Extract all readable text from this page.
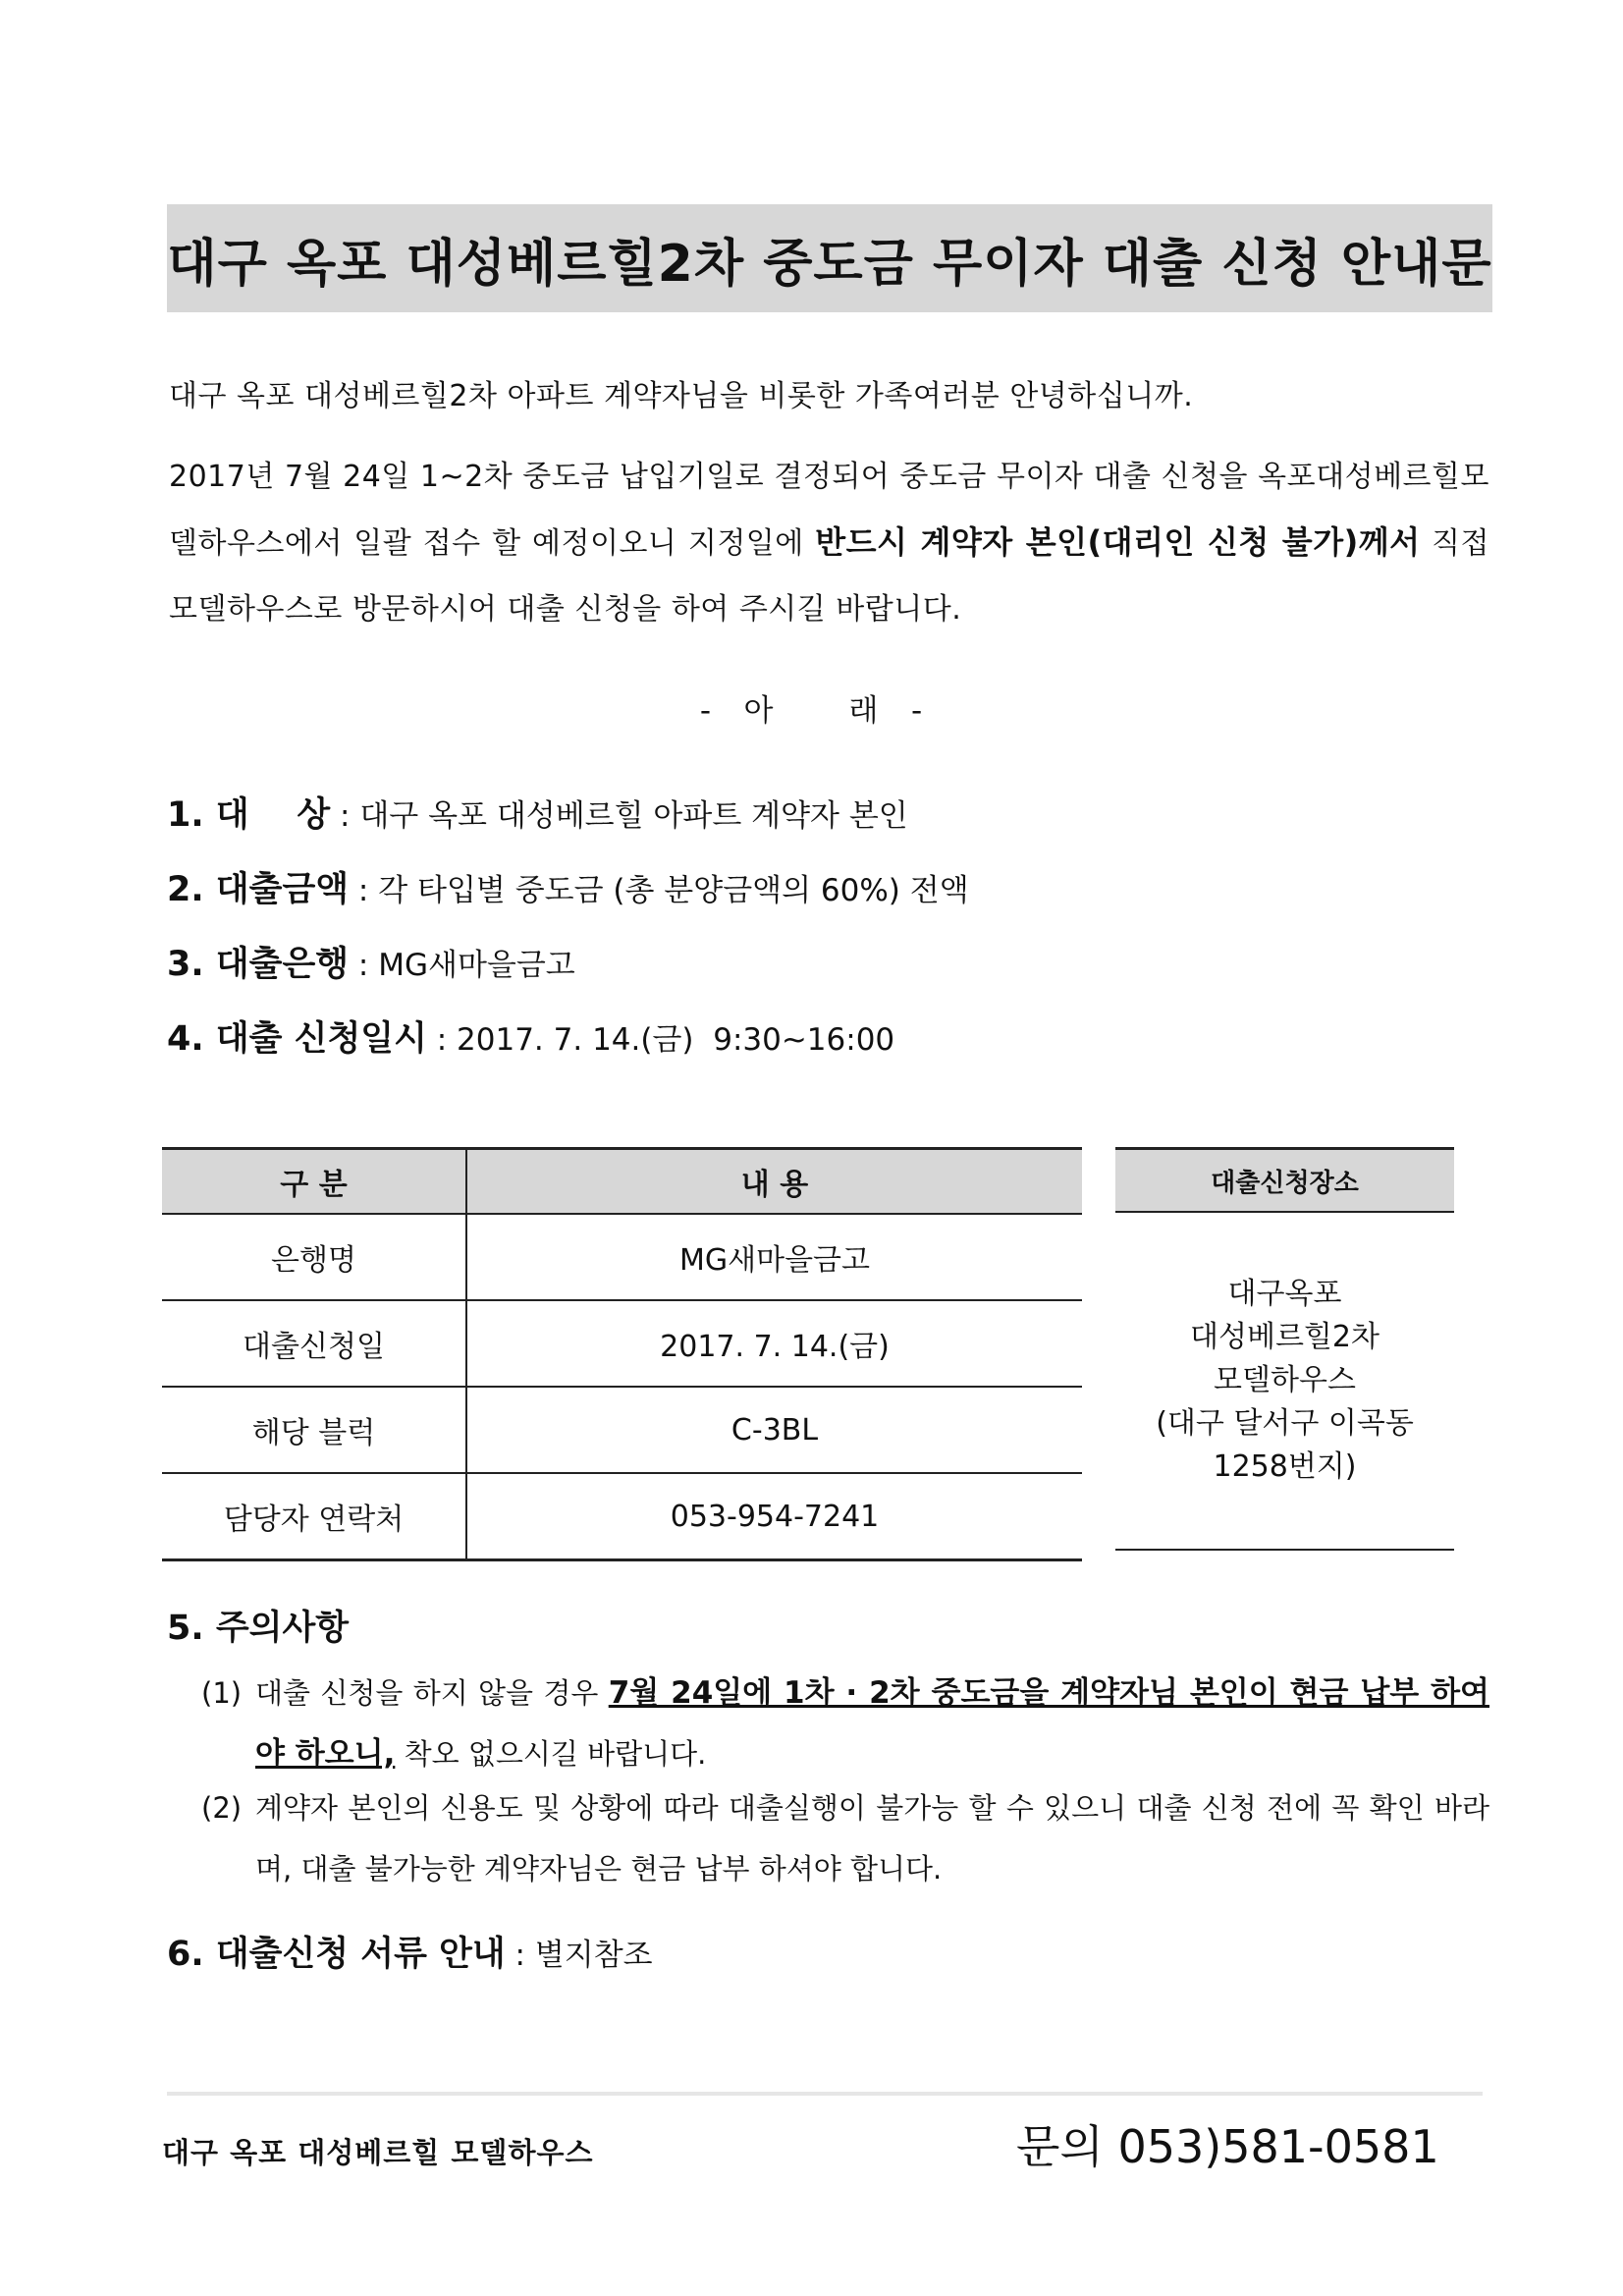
대구 옥포 대성베르힐2차 중도금 무이자 대출 신청 안내문
대구 옥포 대성베르힐2차 아파트 계약자님을 비롯한 가족여러분 안녕하십니까.
2017년 7월 24일 1~2차 중도금 납입기일로 결정되어 중도금 무이자 대출 신청을 옥포대성베르힐모델하우스에서 일괄 접수 할 예정이오니 지정일에 반드시 계약자 본인(대리인 신청 불가)께서 직접 모델하우스로 방문하시어 대출 신청을 하여 주시길 바랍니다.
-   아       래   -
1. 대    상 : 대구 옥포 대성베르힐 아파트 계약자 본인
2. 대출금액 : 각 타입별 중도금 (총 분양금액의 60%) 전액
3. 대출은행 : MG새마을금고
4. 대출 신청일시 : 2017. 7. 14.(금)  9:30~16:00
구 분	내 용
은행명	MG새마을금고
대출신청일	2017. 7. 14.(금)
해당 블럭	C-3BL
담당자 연락처	053-954-7241
대출신청장소
대구옥포
대성베르힐2차
모델하우스
(대구 달서구 이곡동
1258번지)
5. 주의사항
(1) 대출 신청을 하지 않을 경우 7월 24일에 1차 · 2차 중도금을 계약자님 본인이 현금 납부 하여야 하오니, 착오 없으시길 바랍니다.
(2) 계약자 본인의 신용도 및 상황에 따라 대출실행이 불가능 할 수 있으니 대출 신청 전에 꼭 확인 바라며, 대출 불가능한 계약자님은 현금 납부 하셔야 합니다.
6. 대출신청 서류 안내 : 별지참조
대구 옥포 대성베르힐 모델하우스	문의 053)581-0581
